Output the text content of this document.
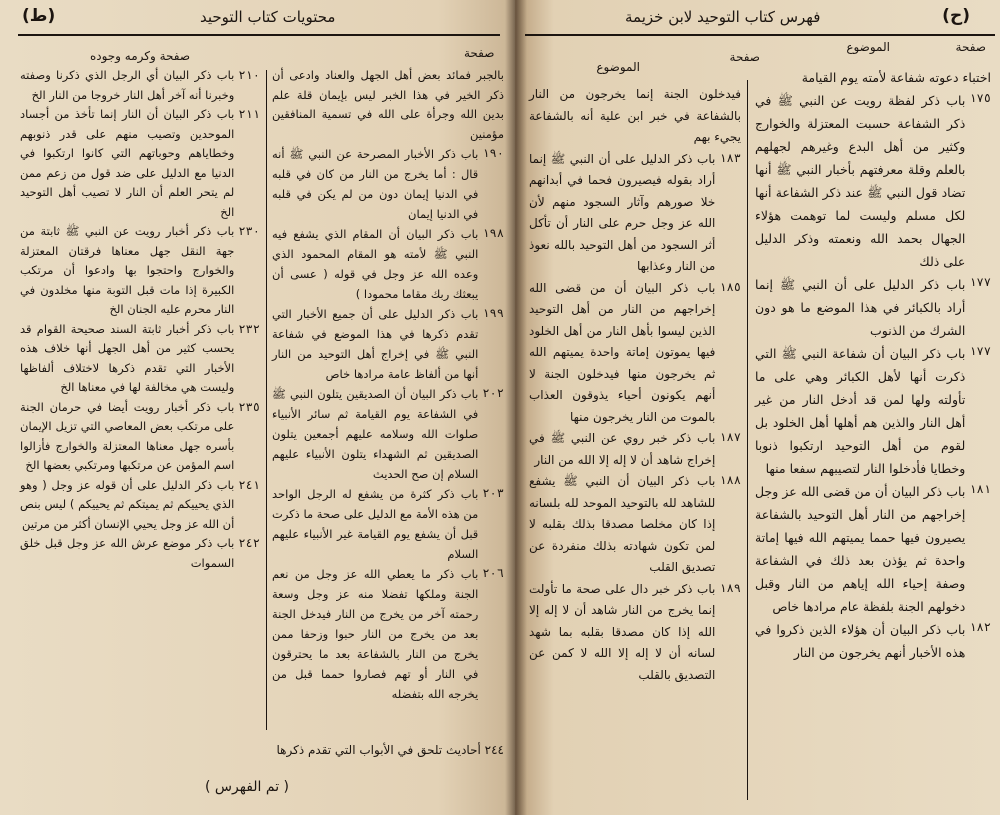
(ط)	محتويات كتاب التوحيد
صفحة
بالجبر فمائد بعض أهل الجهل والعناد وادعى أن ذكر الخير في هذا الخبر ليس بإيمان قلة علم بدين الله وجرأة على الله في تسمية المنافقين مؤمنين
١٩٠
باب ذكر الأخبار المصرحة عن النبي ﷺ أنه قال : أما يخرج من النار من كان في قلبه في الدنيا إيمان دون من لم يكن في قلبه في الدنيا إيمان
١٩٨
باب ذكر البيان أن المقام الذي يشفع فيه النبي ﷺ لأمته هو المقام المحمود الذي وعده الله عز وجل في قوله ( عسى أن يبعثك ربك مقاما محمودا )
١٩٩
باب ذكر الدليل على أن جميع الأخبار التي تقدم ذكرها في هذا الموضع في شفاعة النبي ﷺ في إخراج أهل التوحيد من النار أنها من ألفاظ عامة مرادها خاص
٢٠٢
باب ذكر البيان أن الصديقين يتلون النبي ﷺ في الشفاعة يوم القيامة ثم سائر الأنبياء صلوات الله وسلامه عليهم أجمعين يتلون الصديقين ثم الشهداء يتلون الأنبياء عليهم السلام إن صح الحديث
٢٠٣
باب ذكر كثرة من يشفع له الرجل الواحد من هذه الأمة مع الدليل على صحة ما ذكرت قبل أن يشفع يوم القيامة غير الأنبياء عليهم السلام
٢٠٦
باب ذكر ما يعطي الله عز وجل من نعم الجنة وملكها تفضلا منه عز وجل وسعة رحمته آخر من يخرج من النار فيدخل الجنة بعد من يخرج من النار حبوا وزحفا ممن يخرج من النار بالشفاعة بعد ما يحترقون في النار أو تهم فصاروا حمما قبل من يخرجه الله بتفضله
صفحة وكرمه وجوده
٢١٠
باب ذكر البيان أي الرجل الذي ذكرنا وصفته وخبرنا أنه آخر أهل النار خروجا من النار الخ
٢١١
باب ذكر البيان أن النار إنما تأخذ من أجساد الموحدين وتصيب منهم على قدر ذنوبهم وخطاياهم وحوباتهم التي كانوا ارتكبوا في الدنيا مع الدليل على ضد قول من زعم ممن لم يتحر العلم أن النار لا تصيب أهل التوحيد الخ
٢٣٠
باب ذكر أخبار رويت عن النبي ﷺ ثابتة من جهة النقل جهل معناها فرقتان المعتزلة والخوارج واحتجوا بها وادعوا أن مرتكب الكبيرة إذا مات قبل التوبة منها مخلدون في النار محرم عليه الجنان الخ
٢٣٢
باب ذكر أخبار ثابتة السند صحيحة القوام قد يحسب كثير من أهل الجهل أنها خلاف هذه الأخبار التي تقدم ذكرها لاختلاف ألفاظها وليست هي مخالفة لها في معناها الخ
٢٣٥
باب ذكر أخبار رويت أيضا في حرمان الجنة على مرتكب بعض المعاصي التي تزيل الإيمان بأسره جهل معناها المعتزلة والخوارج فأزالوا اسم المؤمن عن مرتكبها ومرتكبي بعضها الخ
٢٤١
باب ذكر الدليل على أن قوله عز وجل ( وهو الذي يحييكم ثم يميتكم ثم يحييكم ) ليس بنص أن الله عز وجل يحيي الإنسان أكثر من مرتين
٢٤٢
باب ذكر موضع عرش الله عز وجل قبل خلق السموات
٢٤٤ أحاديث تلحق في الأبواب التي تقدم ذكرها
( تم الفهرس )
(ح)
فهرس كتاب التوحيد لابن خزيمة
صفحة
الموضوع
صفحة
الموضوع
اختباء دعوته شفاعة لأمته يوم القيامة
١٧٥
باب ذكر لفظة رويت عن النبي ﷺ في ذكر الشفاعة حسبت المعتزلة والخوارج وكثير من أهل البدع وغيرهم لجهلهم بالعلم وقلة معرفتهم بأخبار النبي ﷺ أنها تضاد قول النبي ﷺ عند ذكر الشفاعة أنها لكل مسلم وليست لما توهمت هؤلاء الجهال بحمد الله ونعمته وذكر الدليل على ذلك
١٧٧
باب ذكر الدليل على أن النبي ﷺ إنما أراد بالكبائر في هذا الموضع ما هو دون الشرك من الذنوب
١٧٧
باب ذكر البيان أن شفاعة النبي ﷺ التي ذكرت أنها لأهل الكبائر وهي على ما تأولته ولها لمن قد أدخل النار من غير أهل النار والذين هم أهلها أهل الخلود بل لقوم من أهل التوحيد ارتكبوا ذنوبا وخطايا فأدخلوا النار لتصيبهم سفعا منها
١٨١
باب ذكر البيان أن من قضى الله عز وجل إخراجهم من النار أهل التوحيد بالشفاعة يصيرون فيها حمما يميتهم الله فيها إماتة واحدة ثم يؤذن بعد ذلك في الشفاعة وصفة إحياء الله إياهم من النار وقبل دخولهم الجنة بلفظة عام مرادها خاص
١٨٢
باب ذكر البيان أن هؤلاء الذين ذكروا في هذه الأخبار أنهم يخرجون من النار
فيدخلون الجنة إنما يخرجون من النار بالشفاعة في خبر ابن علية أنه بالشفاعة يجيء بهم
١٨٣
باب ذكر الدليل على أن النبي ﷺ إنما أراد بقوله فيصيرون فحما في أبدانهم خلا صورهم وآثار السجود منهم لأن الله عز وجل حرم على النار أن تأكل أثر السجود من أهل التوحيد بالله نعوذ من النار وعذابها
١٨٥
باب ذكر البيان أن من قضى الله إخراجهم من النار من أهل التوحيد الذين ليسوا بأهل النار من أهل الخلود فيها يموتون إماتة واحدة يميتهم الله ثم يخرجون منها فيدخلون الجنة لا أنهم يكونون أحياء يذوقون العذاب بالموت من النار يخرجون منها
١٨٧
باب ذكر خبر روي عن النبي ﷺ في إخراج شاهد أن لا إله إلا الله من النار
١٨٨
باب ذكر البيان أن النبي ﷺ يشفع للشاهد لله بالتوحيد الموحد لله بلسانه إذا كان مخلصا مصدقا بذلك بقلبه لا لمن تكون شهادته بذلك منفردة عن تصديق القلب
١٨٩
باب ذكر خبر دال على صحة ما تأولت إنما يخرج من النار شاهد أن لا إله إلا الله إذا كان مصدقا بقلبه بما شهد لسانه أن لا إله إلا الله لا كمن عن التصديق بالقلب
